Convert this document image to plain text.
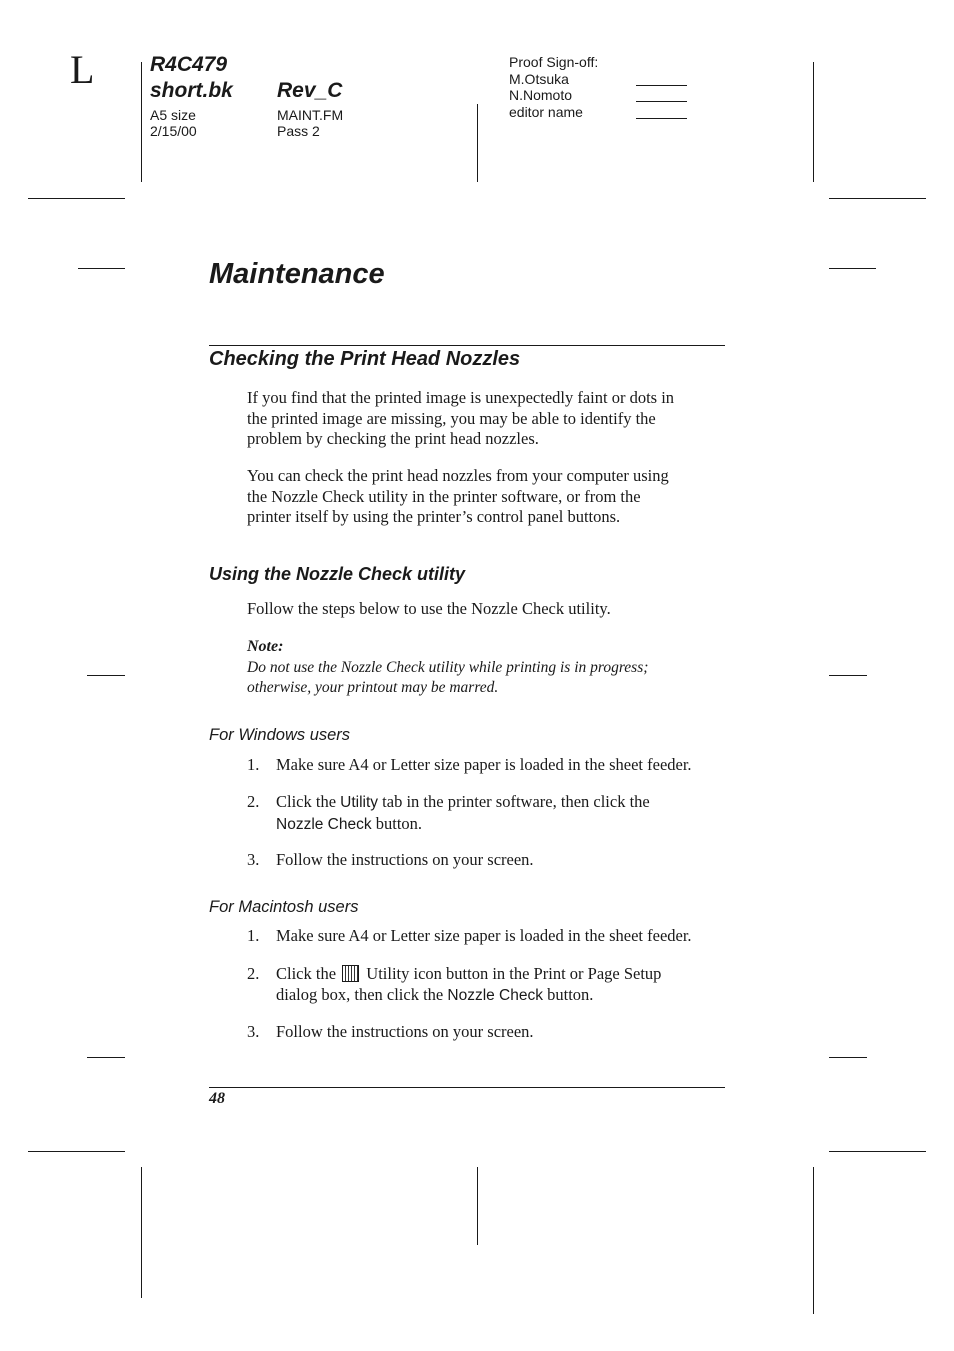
L	R4C479
short.bk
A5 size
2/15/00
Rev_C
MAINT.FM
Pass 2
Proof Sign-off:
M.Otsuka
N.Nomoto
editor name
Maintenance
Checking the Print Head Nozzles
If you find that the printed image is unexpectedly faint or dots in
the printed image are missing, you may be able to identify the
problem by checking the print head nozzles.
You can check the print head nozzles from your computer using
the Nozzle Check utility in the printer software, or from the
printer itself by using the printer’s control panel buttons.
Using the Nozzle Check utility
Follow the steps below to use the Nozzle Check utility.
Note:
Do not use the Nozzle Check utility while printing is in progress;
otherwise, your printout may be marred.
For Windows users
1. Make sure A4 or Letter size paper is loaded in the sheet feeder.
2. Click the Utility tab in the printer software, then click the
Nozzle Check button.
3. Follow the instructions on your screen.
For Macintosh users
1. Make sure A4 or Letter size paper is loaded in the sheet feeder.
2. Click the  Utility icon button in the Print or Page Setup
dialog box, then click the Nozzle Check button.
3. Follow the instructions on your screen.
48
